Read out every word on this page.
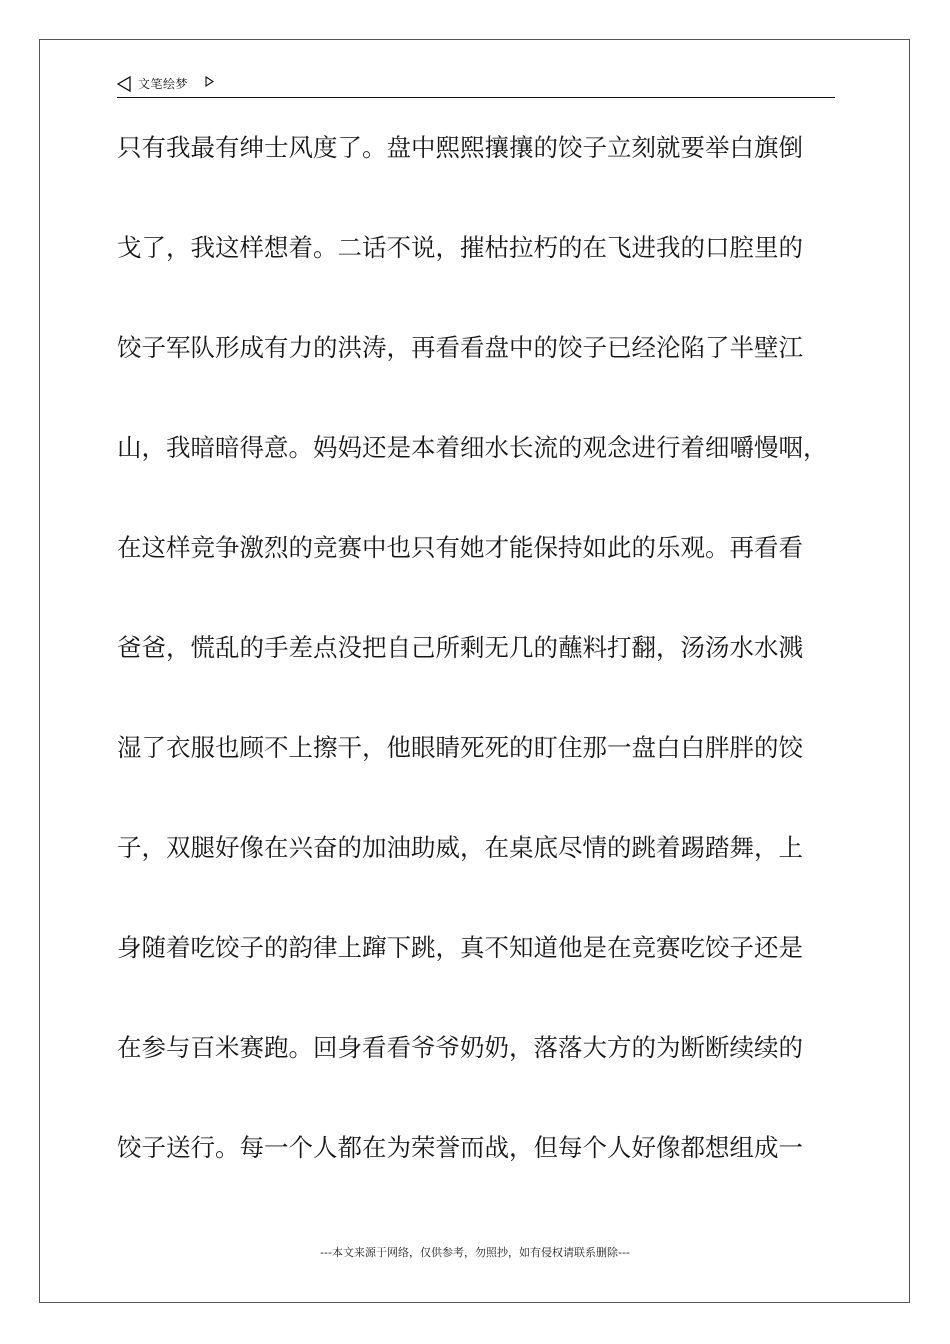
文笔绘梦
只有我最有绅士风度了。盘中熙熙攘攘的饺子立刻就要举白旗倒
戈了，我这样想着。二话不说，摧枯拉朽的在飞进我的口腔里的
饺子军队形成有力的洪涛，再看看盘中的饺子已经沦陷了半壁江
山，我暗暗得意。妈妈还是本着细水长流的观念进行着细嚼慢咽，
在这样竞争激烈的竞赛中也只有她才能保持如此的乐观。再看看
爸爸，慌乱的手差点没把自己所剩无几的蘸料打翻，汤汤水水溅
湿了衣服也顾不上擦干，他眼睛死死的盯住那一盘白白胖胖的饺
子，双腿好像在兴奋的加油助威，在桌底尽情的跳着踢踏舞，上
身随着吃饺子的韵律上蹿下跳，真不知道他是在竞赛吃饺子还是
在参与百米赛跑。回身看看爷爷奶奶，落落大方的为断断续续的
饺子送行。每一个人都在为荣誉而战，但每个人好像都想组成一
---本文来源于网络，仅供参考，勿照抄，如有侵权请联系删除---
